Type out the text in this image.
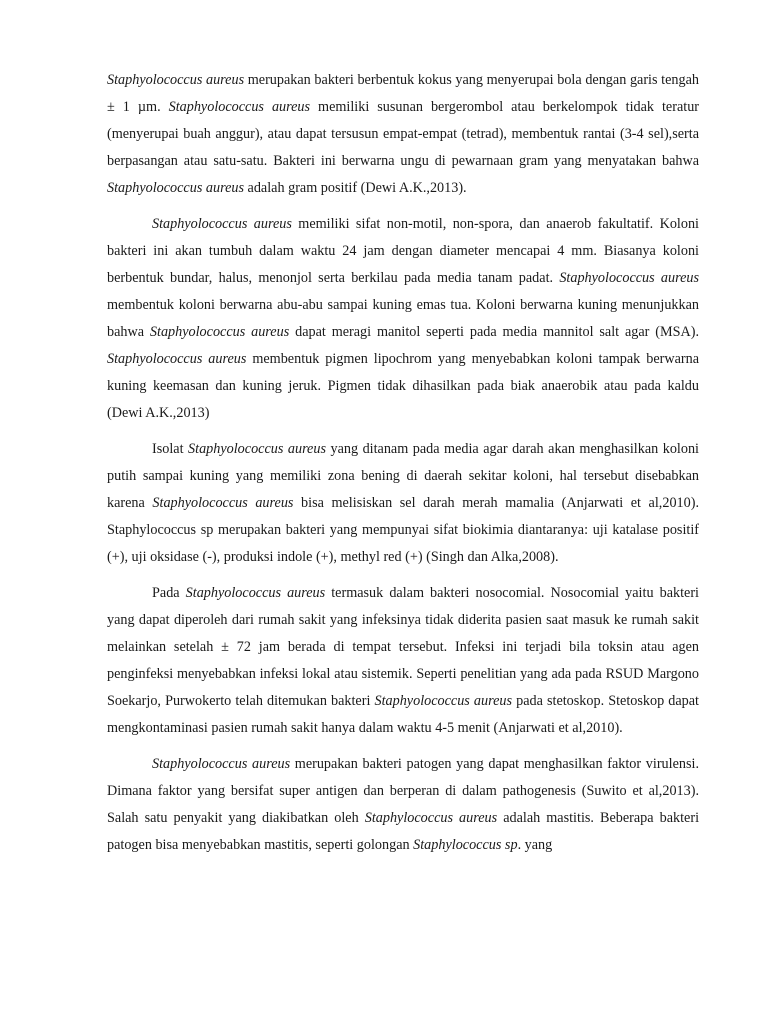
Staphyolococcus aureus merupakan bakteri berbentuk kokus yang menyerupai bola dengan garis tengah ± 1 µm. Staphyolococcus aureus memiliki susunan bergerombol atau berkelompok tidak teratur (menyerupai buah anggur), atau dapat tersusun empat-empat (tetrad), membentuk rantai (3-4 sel),serta berpasangan atau satu-satu. Bakteri ini berwarna ungu di pewarnaan gram yang menyatakan bahwa Staphyolococcus aureus adalah gram positif (Dewi A.K.,2013).

Staphyolococcus aureus memiliki sifat non-motil, non-spora, dan anaerob fakultatif. Koloni bakteri ini akan tumbuh dalam waktu 24 jam dengan diameter mencapai 4 mm. Biasanya koloni berbentuk bundar, halus, menonjol serta berkilau pada media tanam padat. Staphyolococcus aureus membentuk koloni berwarna abu-abu sampai kuning emas tua. Koloni berwarna kuning menunjukkan bahwa Staphyolococcus aureus dapat meragi manitol seperti pada media mannitol salt agar (MSA). Staphyolococcus aureus membentuk pigmen lipochrom yang menyebabkan koloni tampak berwarna kuning keemasan dan kuning jeruk. Pigmen tidak dihasilkan pada biak anaerobik atau pada kaldu (Dewi A.K.,2013)

Isolat Staphyolococcus aureus yang ditanam pada media agar darah akan menghasilkan koloni putih sampai kuning yang memiliki zona bening di daerah sekitar koloni, hal tersebut disebabkan karena Staphyolococcus aureus bisa melisiskan sel darah merah mamalia (Anjarwati et al,2010). Staphylococcus sp merupakan bakteri yang mempunyai sifat biokimia diantaranya: uji katalase positif (+), uji oksidase (-), produksi indole (+), methyl red (+) (Singh dan Alka,2008).

Pada Staphyolococcus aureus termasuk dalam bakteri nosocomial. Nosocomial yaitu bakteri yang dapat diperoleh dari rumah sakit yang infeksinya tidak diderita pasien saat masuk ke rumah sakit melainkan setelah ± 72 jam berada di tempat tersebut. Infeksi ini terjadi bila toksin atau agen penginfeksi menyebabkan infeksi lokal atau sistemik. Seperti penelitian yang ada pada RSUD Margono Soekarjo, Purwokerto telah ditemukan bakteri Staphyolococcus aureus pada stetoskop. Stetoskop dapat mengkontaminasi pasien rumah sakit hanya dalam waktu 4-5 menit (Anjarwati et al,2010).

Staphyolococcus aureus merupakan bakteri patogen yang dapat menghasilkan faktor virulensi. Dimana faktor yang bersifat super antigen dan berperan di dalam pathogenesis (Suwito et al,2013). Salah satu penyakit yang diakibatkan oleh Staphylococcus aureus adalah mastitis. Beberapa bakteri patogen bisa menyebabkan mastitis, seperti golongan Staphylococcus sp. yang
